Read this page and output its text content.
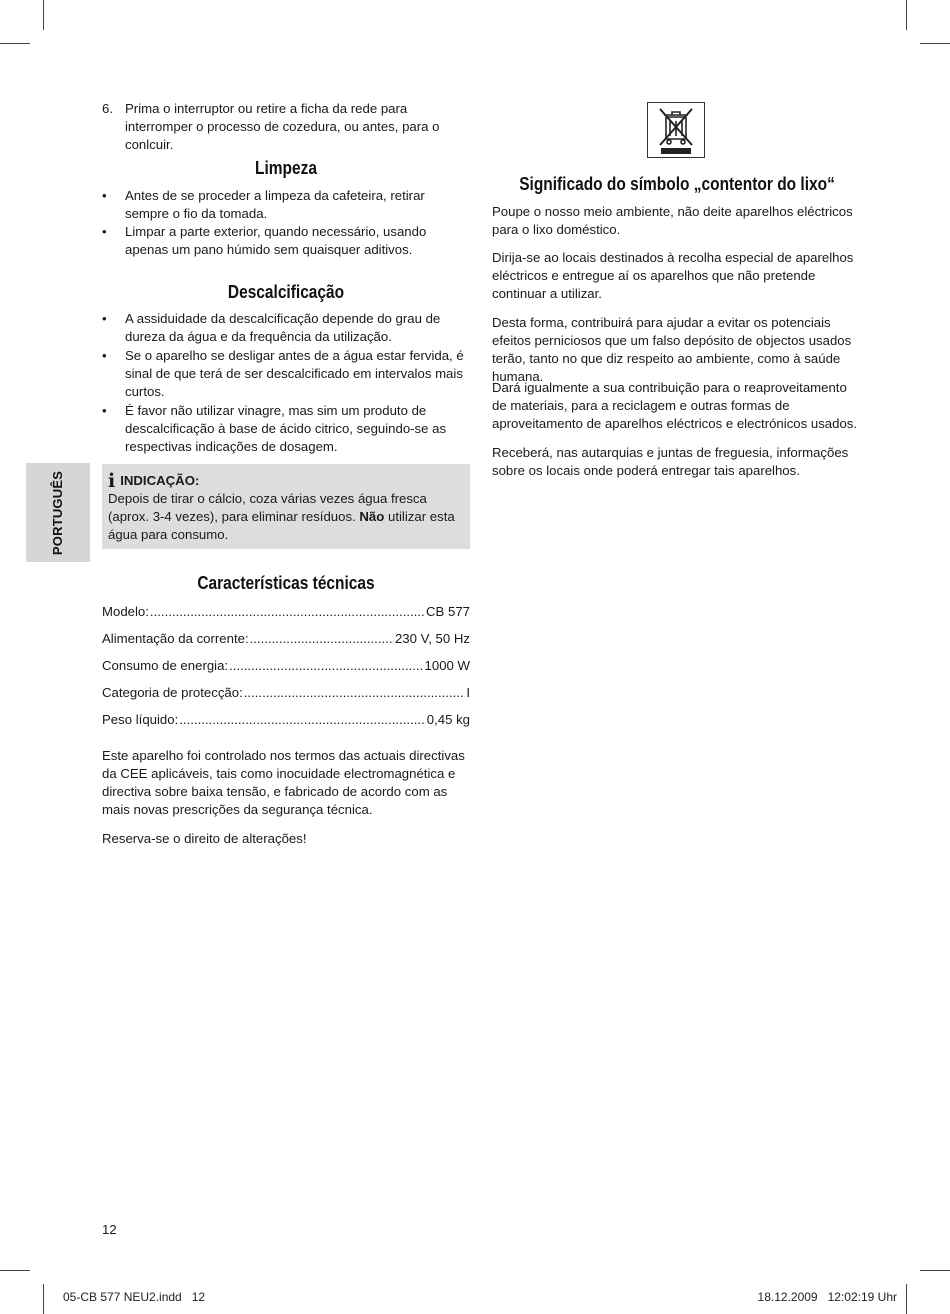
6. Prima o interruptor ou retire a ficha da rede para interromper o processo de cozedura, ou antes, para o conlcuir.

Limpeza
• Antes de se proceder a limpeza da cafeteira, retirar sempre o fio da tomada.

• Limpar a parte exterior, quando necessário, usando apenas um pano húmido sem quaisquer aditivos.

Descalcificação
• A assiduidade da descalcificação depende do grau de dureza da água e da frequência da utilização.

• Se o aparelho se desligar antes de a água estar fervida, é sinal de que terá de ser descalcificado em intervalos mais curtos.

• É favor não utilizar vinagre, mas sim um produto de descalcificação à base de ácido citrico, seguindo-se as respectivas indicações de dosagem.

i INDICAÇÃO:

Depois de tirar o cálcio, coza várias vezes água fresca (aprox. 3-4 vezes), para eliminar resíduos. Não utilizar esta água para consumo.

PORTUGUÊS
Características técnicas
Modelo: .....	CB 577
Alimentação da corrente: .....	230 V, 50 Hz
Consumo de energia: .....	1000 W
Categoria de protecção: .....	I
Peso líquido: .....	0,45 kg

Este aparelho foi controlado nos termos das actuais directivas da CEE aplicáveis, tais como inocuidade electromagnética e directiva sobre baixa tensão, e fabricado de acordo com as mais novas prescrições da segurança técnica.

Reserva-se o direito de alterações!

Significado do símbolo „contentor do lixo“

Poupe o nosso meio ambiente, não deite aparelhos eléctricos para o lixo doméstico.

Dirija-se ao locais destinados à recolha especial de aparelhos eléctricos e entregue aí os aparelhos que não pretende continuar a utilizar.

Desta forma, contribuirá para ajudar a evitar os potenciais efeitos perniciosos que um falso depósito de objectos usados terão, tanto no que diz respeito ao ambiente, como à saúde humana.

Dará igualmente a sua contribuição para o reaproveitamento de materiais, para a reciclagem e outras formas de aproveitamento de aparelhos eléctricos e electrónicos usados.

Receberá, nas autarquias e juntas de freguesia, informações sobre os locais onde poderá entregar tais aparelhos.

12
05-CB 577 NEU2.indd   12	18.12.2009   12:02:19 Uhr
